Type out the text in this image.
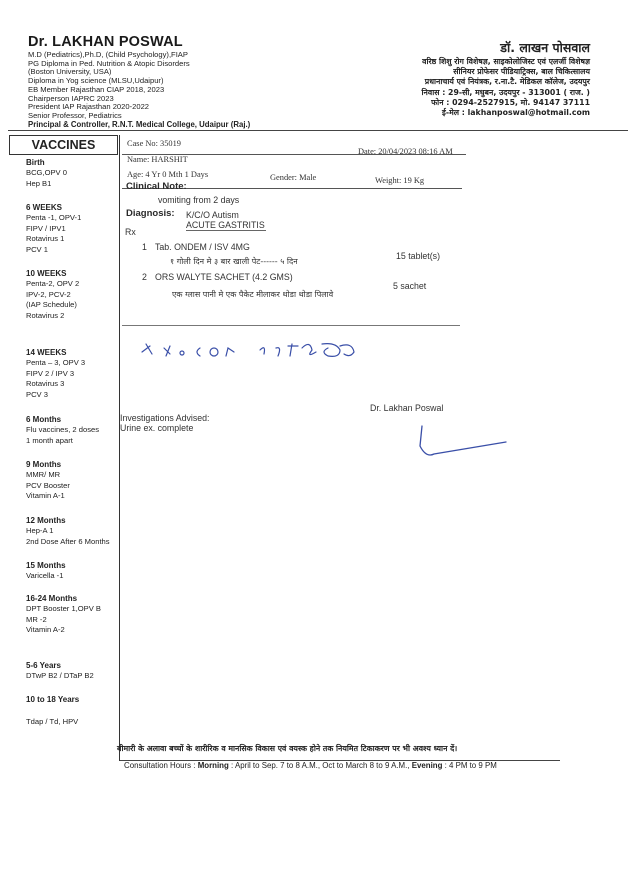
Dr. LAKHAN POSWAL
M.D (Pediatrics),Ph.D, (Child Psychology),FIAP
PG Diploma in Ped. Nutrition & Atopic Disorders
(Boston University, USA)
Diploma in Yog science (MLSU,Udaipur)
EB Member Rajasthan CIAP 2018, 2023
Chairperson IAPRC 2023
President IAP Rajasthan 2020-2022
Senior Professor, Pediatrics
Principal & Controller, R.N.T. Medical College, Udaipur (Raj.)
डॉ. लाखन पोसवाल
वरिष्ठ शिशु रोग विशेषज्ञ, साइकोलोजिस्ट एवं एलर्जी विशेषज्ञ
सीनियर प्रोफेसर पीडियाट्रिक्स, बाल चिकित्सालय
प्रधानाचार्य एवं नियंत्रक, र.ना.टै. मेडिकल कॉलेज, उदयपुर
निवास : 29-सी, मधुबन, उदयपुर - 313001 ( राज. )
फोन : 0294-2527915, मो. 94147 37111
ई-मेल : lakhanposwal@hotmail.com
VACCINES
Birth
BCG,OPV 0
Hep B1
6 WEEKS
Penta -1, OPV-1
FIPV / IPV1
Rotavirus 1
PCV 1
10 WEEKS
Penta-2, OPV 2
IPV-2, PCV-2
(IAP Schedule)
Rotavirus 2
14 WEEKS
Penta – 3, OPV 3
FIPV 2 / IPV 3
Rotavirus 3
PCV 3
6 Months
Flu vaccines, 2 doses
1 month apart
9 Months
MMR/ MR
PCV Booster
Vitamin A-1
12 Months
Hep-A 1
2nd Dose After 6 Months
15 Months
Varicella -1
16-24 Months
DPT Booster 1,OPV B
MR -2
Vitamin A-2
5-6 Years
DTwP B2 / DTaP B2
10 to 18 Years
Tdap / Td, HPV
Case No: 35019
Date: 20/04/2023 08:16 AM
Name: HARSHIT
Age: 4 Yr 0 Mth 1 Days	Gender: Male	Weight: 19 Kg
Clinical Note:
vomiting from 2 days
Diagnosis: K/C/O Autism
ACUTE GASTRITIS
Rx
1 Tab. ONDEM / ISV 4MG
15 tablet(s)
१ गोली दिन मे ३ बार खाली पेट------ ५ दिन
2 ORS WALYTE SACHET (4.2 GMS)
5 sachet
एक ग्लास पानी मे एक पैकेट मीलाकर थोडा थोडा पिलावे
Dr. Lakhan Poswal
Investigations Advised:
Urine ex. complete
बीमारी के अलावा बच्चों के शारीरिक व मानसिक विकास एवं वयस्क होने तक नियमित टिकाकरण पर भी अवश्य ध्यान दें।
Consultation Hours : Morning : April to Sep. 7 to 8 A.M., Oct to March 8 to 9 A.M., Evening : 4 PM to 9 PM
